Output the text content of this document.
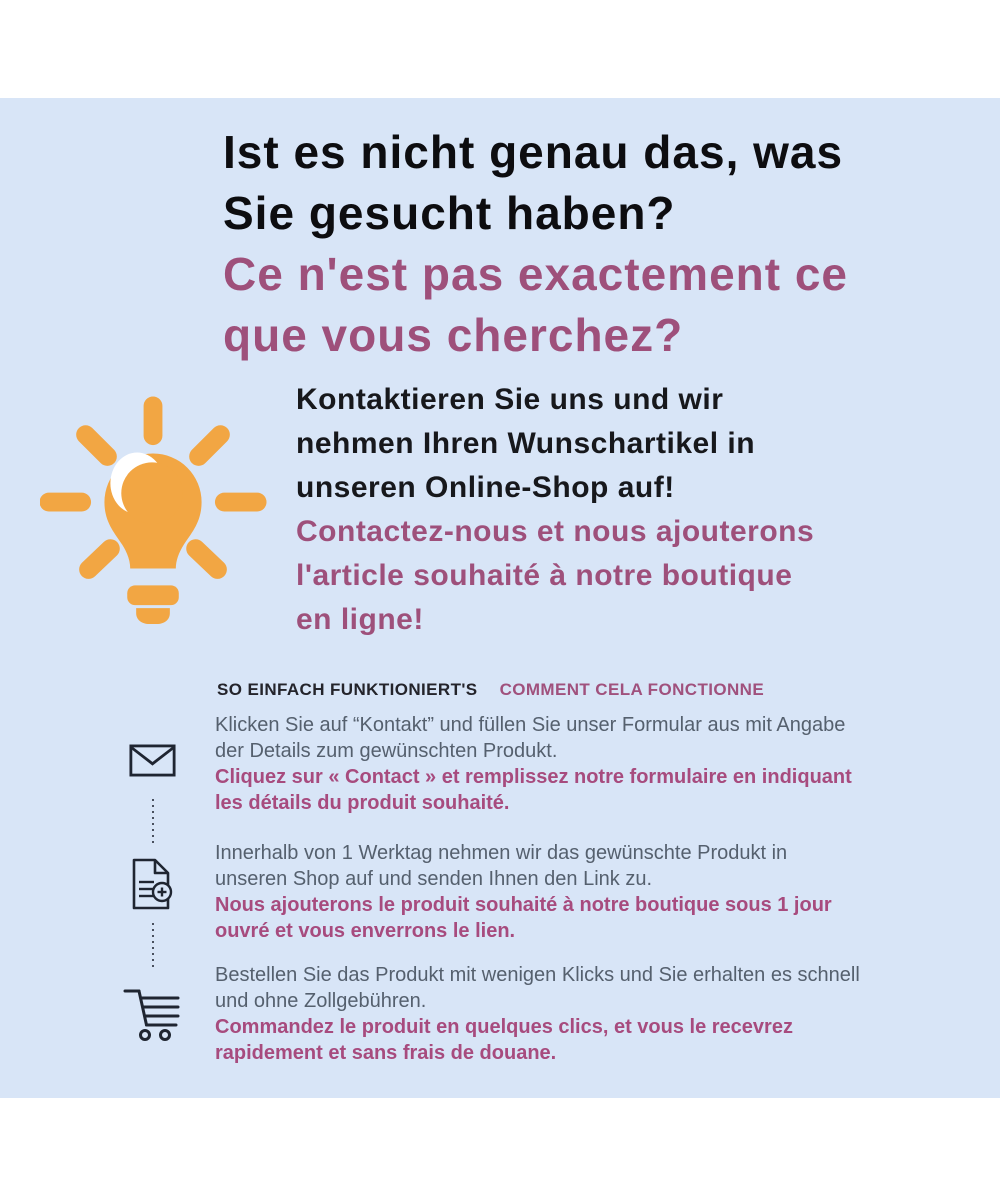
Ist es nicht genau das, was
Sie gesucht haben?
Ce n'est pas exactement ce
que vous cherchez?
Kontaktieren Sie uns und wir
nehmen Ihren Wunschartikel in
unseren Online-Shop auf!
Contactez-nous et nous ajouterons
l'article souhaité à notre boutique
en ligne!
SO EINFACH FUNKTIONIERT'S COMMENT CELA FONCTIONNE
Klicken Sie auf “Kontakt” und füllen Sie unser Formular aus mit Angabe
der Details zum gewünschten Produkt.
Cliquez sur « Contact » et remplissez notre formulaire en indiquant
les détails du produit souhaité.
Innerhalb von 1 Werktag nehmen wir das gewünschte Produkt in
unseren Shop auf und senden Ihnen den Link zu.
Nous ajouterons le produit souhaité à notre boutique sous 1 jour
ouvré et vous enverrons le lien.
Bestellen Sie das Produkt mit wenigen Klicks und Sie erhalten es schnell
und ohne Zollgebühren.
Commandez le produit en quelques clics, et vous le recevrez
rapidement et sans frais de douane.
